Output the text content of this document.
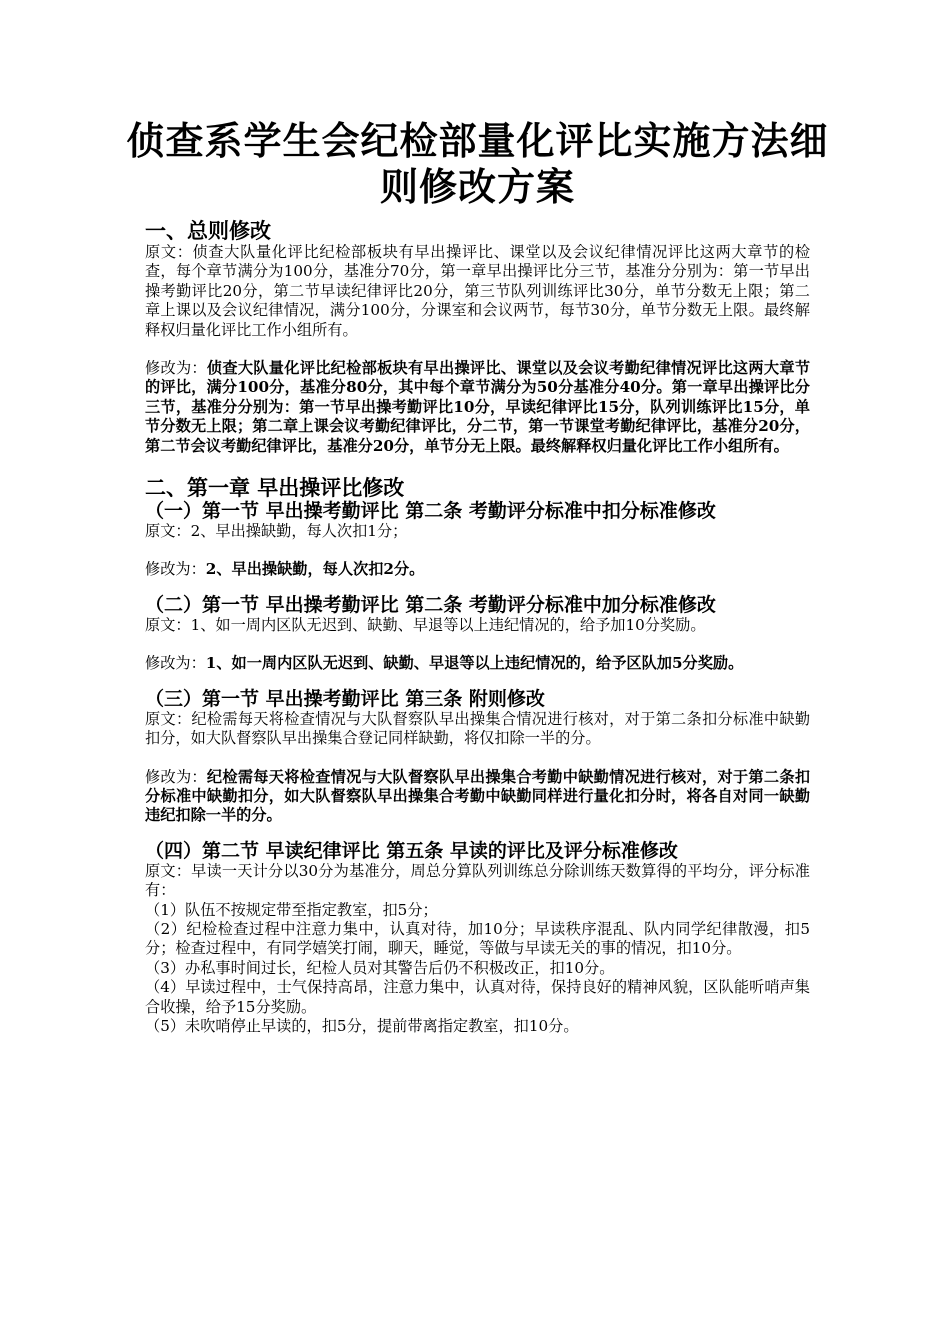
侦查系学生会纪检部量化评比实施方法细则修改方案
一、总则修改

原文：侦查大队量化评比纪检部板块有早出操评比、课堂以及会议纪律情况评比这两大章节的检查，每个章节满分为100分，基准分70分，第一章早出操评比分三节，基准分分别为：第一节早出操考勤评比20分，第二节早读纪律评比20分，第三节队列训练评比30分，单节分数无上限；第二章上课以及会议纪律情况，满分100分，分课室和会议两节，每节30分，单节分数无上限。最终解释权归量化评比工作小组所有。

修改为：侦查大队量化评比纪检部板块有早出操评比、课堂以及会议考勤纪律情况评比这两大章节的评比，满分100分，基准分80分，其中每个章节满分为50分基准分40分。第一章早出操评比分三节，基准分分别为：第一节早出操考勤评比10分，早读纪律评比15分，队列训练评比15分，单节分数无上限；第二章上课会议考勤纪律评比，分二节，第一节课堂考勤纪律评比，基准分20分，第二节会议考勤纪律评比，基准分20分，单节分无上限。最终解释权归量化评比工作小组所有。

二、第一章 早出操评比修改
（一）第一节 早出操考勤评比 第二条 考勤评分标准中扣分标准修改

原文：2、早出操缺勤，每人次扣1分；

修改为：2、早出操缺勤，每人次扣2分。

（二）第一节 早出操考勤评比 第二条 考勤评分标准中加分标准修改

原文：1、如一周内区队无迟到、缺勤、早退等以上违纪情况的，给予加10分奖励。

修改为：1、如一周内区队无迟到、缺勤、早退等以上违纪情况的，给予区队加5分奖励。

（三）第一节 早出操考勤评比 第三条 附则修改

原文：纪检需每天将检查情况与大队督察队早出操集合情况进行核对，对于第二条扣分标准中缺勤扣分，如大队督察队早出操集合登记同样缺勤，将仅扣除一半的分。

修改为：纪检需每天将检查情况与大队督察队早出操集合考勤中缺勤情况进行核对，对于第二条扣分标准中缺勤扣分，如大队督察队早出操集合考勤中缺勤同样进行量化扣分时，将各自对同一缺勤违纪扣除一半的分。

（四）第二节 早读纪律评比 第五条 早读的评比及评分标准修改

原文：早读一天计分以30分为基准分，周总分算队列训练总分除训练天数算得的平均分，评分标准有：

（1）队伍不按规定带至指定教室，扣5分；

（2）纪检检查过程中注意力集中，认真对待，加10分；早读秩序混乱、队内同学纪律散漫，扣5分；检查过程中，有同学嬉笑打闹，聊天，睡觉，等做与早读无关的事的情况，扣10分。

（3）办私事时间过长，纪检人员对其警告后仍不积极改正，扣10分。

（4）早读过程中，士气保持高昂，注意力集中，认真对待，保持良好的精神风貌，区队能听哨声集合收操，给予15分奖励。

（5）未吹哨停止早读的，扣5分，提前带离指定教室，扣10分。
